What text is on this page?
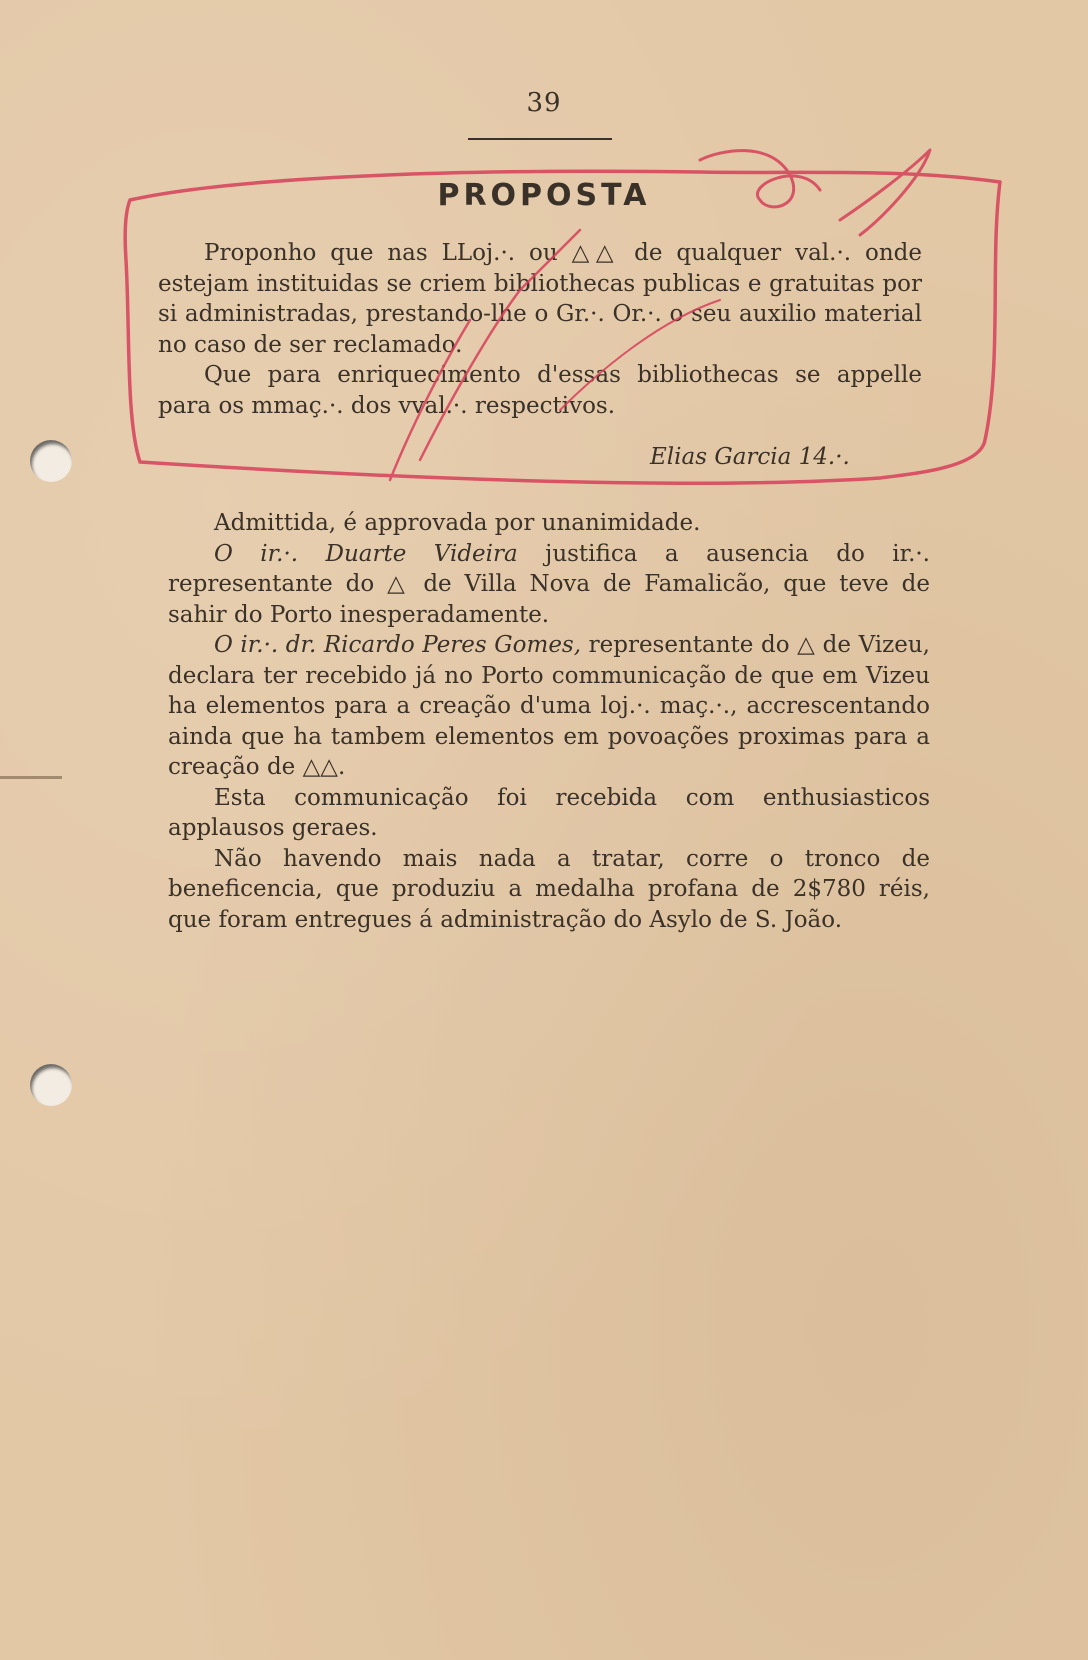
39
PROPOSTA

Proponho que nas LLoj.·. ou △△ de qualquer val.·. onde estejam instituidas se criem bibliothecas publicas e gratuitas por si administradas, prestando-lhe o Gr.·. Or.·. o seu auxilio material no caso de ser reclamado.

Que para enriquecimento d'essas bibliothecas se appelle para os mmaç.·. dos vval.·. respectivos.

Elias Garcia 14.·.

Admittida, é approvada por unanimidade.

O ir.·. Duarte Videira justifica a ausencia do ir.·. representante do △ de Villa Nova de Famalicão, que teve de sahir do Porto inesperadamente.

O ir.·. dr. Ricardo Peres Gomes, representante do △ de Vizeu, declara ter recebido já no Porto communicação de que em Vizeu ha elementos para a creação d'uma loj.·. maç.·., accrescentando ainda que ha tambem elementos em povoações proximas para a creação de △△.

Esta communicação foi recebida com enthusiasticos applausos geraes.

Não havendo mais nada a tratar, corre o tronco de beneficencia, que produziu a medalha profana de 2$780 réis, que foram entregues á administração do Asylo de S. João.
